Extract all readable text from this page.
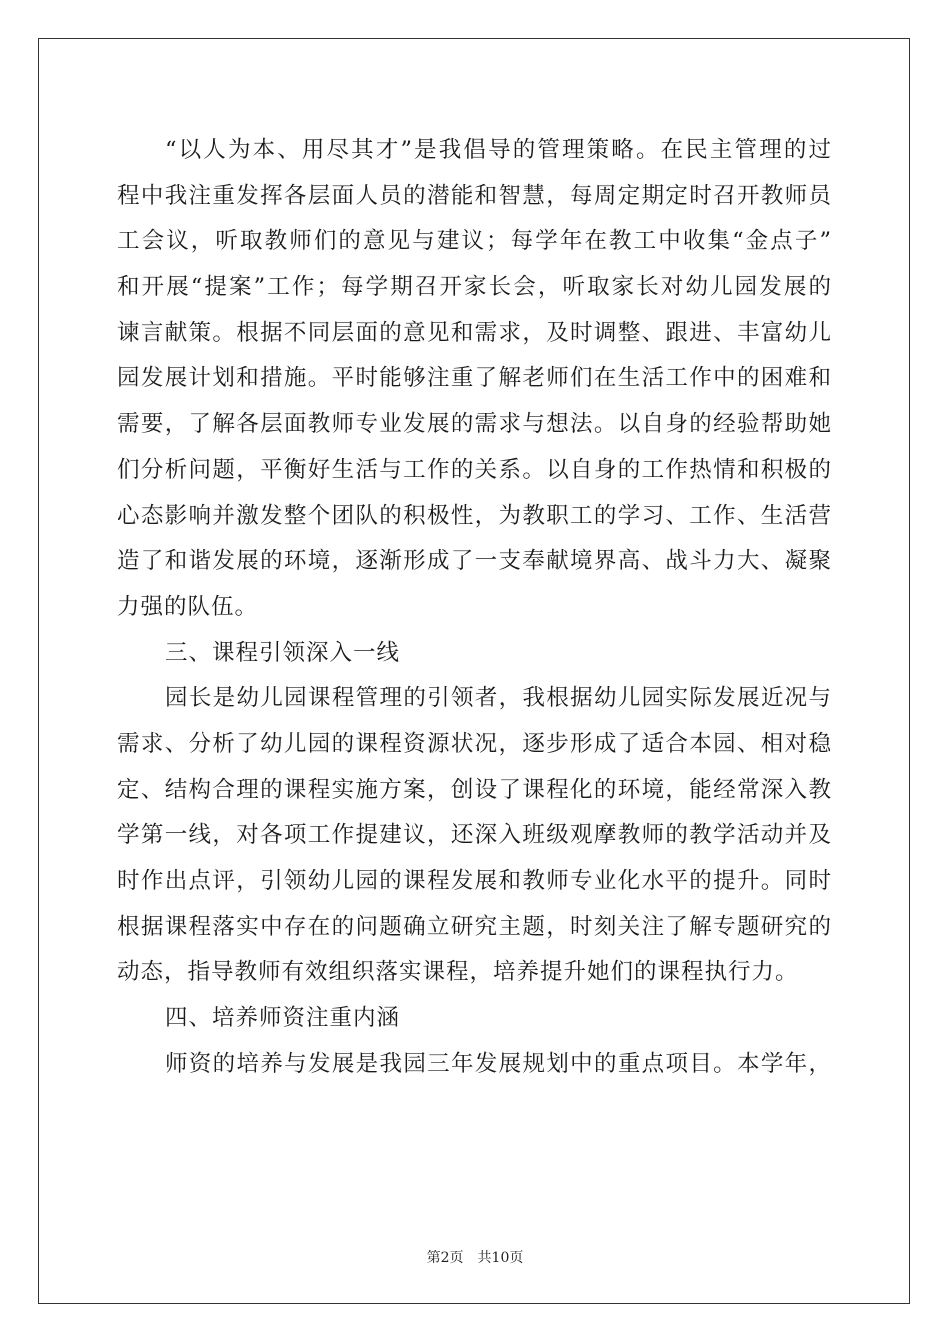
“以人为本、用尽其才”是我倡导的管理策略。在民主管理的过
程中我注重发挥各层面人员的潜能和智慧，每周定期定时召开教师员
工会议，听取教师们的意见与建议；每学年在教工中收集“金点子”
和开展“提案”工作；每学期召开家长会，听取家长对幼儿园发展的
谏言献策。根据不同层面的意见和需求，及时调整、跟进、丰富幼儿
园发展计划和措施。平时能够注重了解老师们在生活工作中的困难和
需要，了解各层面教师专业发展的需求与想法。以自身的经验帮助她
们分析问题，平衡好生活与工作的关系。以自身的工作热情和积极的
心态影响并激发整个团队的积极性，为教职工的学习、工作、生活营
造了和谐发展的环境，逐渐形成了一支奉献境界高、战斗力大、凝聚
力强的队伍。
三、课程引领深入一线
园长是幼儿园课程管理的引领者，我根据幼儿园实际发展近况与
需求、分析了幼儿园的课程资源状况，逐步形成了适合本园、相对稳
定、结构合理的课程实施方案，创设了课程化的环境，能经常深入教
学第一线，对各项工作提建议，还深入班级观摩教师的教学活动并及
时作出点评，引领幼儿园的课程发展和教师专业化水平的提升。同时
根据课程落实中存在的问题确立研究主题，时刻关注了解专题研究的
动态，指导教师有效组织落实课程，培养提升她们的课程执行力。
四、培养师资注重内涵
师资的培养与发展是我园三年发展规划中的重点项目。本学年，
第2页　共10页
